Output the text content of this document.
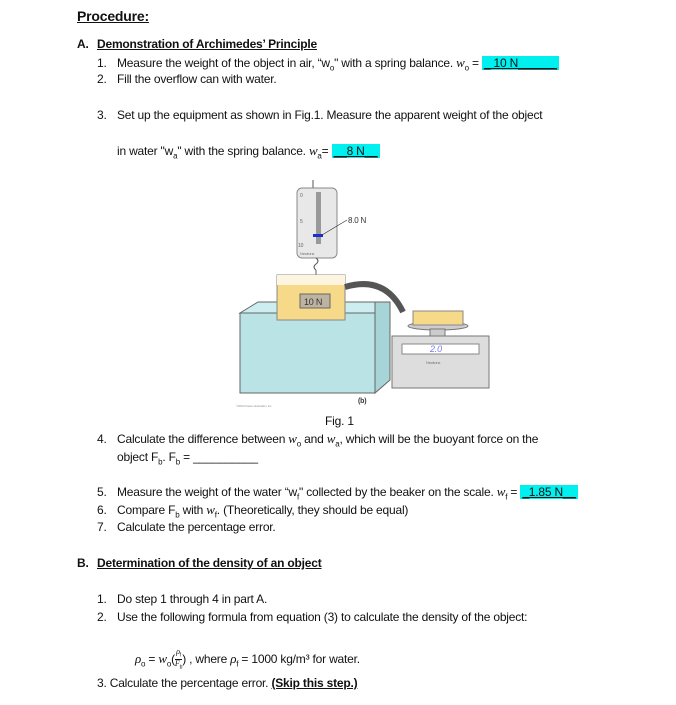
Procedure:
A. Demonstration of Archimedes’ Principle
1. Measure the weight of the object in air, “$w_o$" with a spring balance. $w_o$ = _ 10 N______
2. Fill the overflow can with water.
3. Set up the equipment as shown in Fig.1. Measure the apparent weight of the object
in water "$w_a$" with the spring balance. $w_a=$ __8 N__
0
5
10
Newtons
8.0 N
10 N
2.0
Newtons
(b)
©2010 Pearson Education, Inc.
Fig. 1
4. Calculate the difference between $w_o$ and $w_a$, which will be the buoyant force on the
object $F_b$. $F_b$ = __________
5. Measure the weight of the water “$w_f$" collected by the beaker on the scale. $w_f$ = _1.85 N__
6. Compare $F_b$ with $w_f$. (Theoretically, they should be equal)
7. Calculate the percentage error.
B. Determination of the density of an object
1. Do step 1 through 4 in part A.
2. Use the following formula from equation (3) to calculate the density of the object:
$\rho_o = w_o( \frac{\rho_f}{F_b}$ ) , where $\rho_f = 1000$ kg/m³ for water.
3. Calculate the percentage error. (Skip this step.)
